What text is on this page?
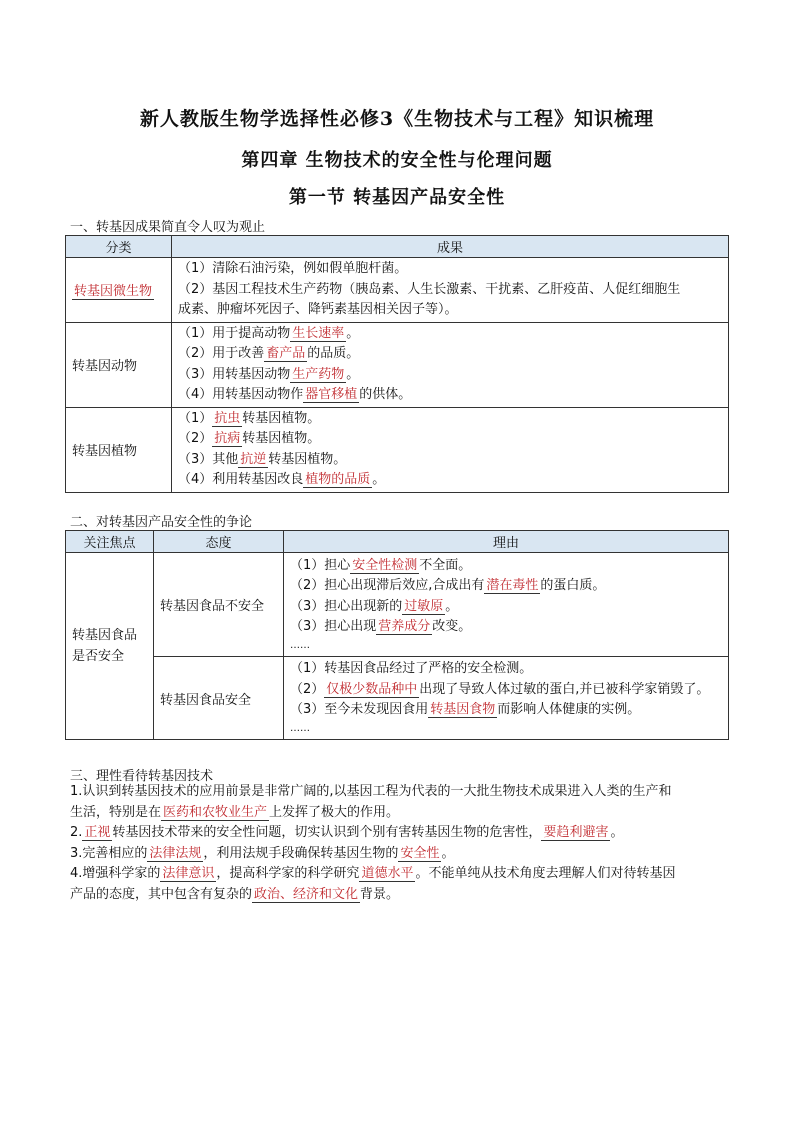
新人教版生物学选择性必修3《生物技术与工程》知识梳理
第四章 生物技术的安全性与伦理问题
第一节 转基因产品安全性
一、转基因成果简直令人叹为观止
分类	成果
转基因微生物	（1）清除石油污染，例如假单胞杆菌。
（2）基因工程技术生产药物（胰岛素、人生长激素、干扰素、乙肝疫苗、人促红细胞生
成素、肿瘤坏死因子、降钙素基因相关因子等）。

转基因动物	（1）用于提高动物 生长速率 。
（2）用于改善 畜产品 的品质。
（3）用转基因动物 生产药物 。
（4）用转基因动物作 器官移植 的供体。

转基因植物	（1） 抗虫 转基因植物。
（2） 抗病 转基因植物。
（3）其他 抗逆 转基因植物。
（4）利用转基因改良 植物的品质 。
二、对转基因产品安全性的争论
关注焦点	态度	理由
转基因食品是否安全	转基因食品不安全	（1）担心 安全性检测 不全面。
（2）担心出现滞后效应,合成出有 潜在毒性 的蛋白质。
（3）担心出现新的 过敏原 。
（3）担心出现 营养成分 改变。
……

	转基因食品安全	（1）转基因食品经过了严格的安全检测。
（2） 仅极少数品种中 出现了导致人体过敏的蛋白,并已被科学家销毁了。
（3）至今未发现因食用 转基因食物 而影响人体健康的实例。
……
三、理性看待转基因技术

1.认识到转基因技术的应用前景是非常广阔的,以基因工程为代表的一大批生物技术成果进入人类的生产和

生活，特别是在 医药和农牧业生产 上发挥了极大的作用。

2. 正视 转基因技术带来的安全性问题，切实认识到个别有害转基因生物的危害性， 要趋利避害 。

3.完善相应的 法律法规 ，利用法规手段确保转基因生物的 安全性 。

4.增强科学家的 法律意识 ，提高科学家的科学研究 道德水平 。不能单纯从技术角度去理解人们对待转基因

产品的态度，其中包含有复杂的 政治、经济和文化 背景。
